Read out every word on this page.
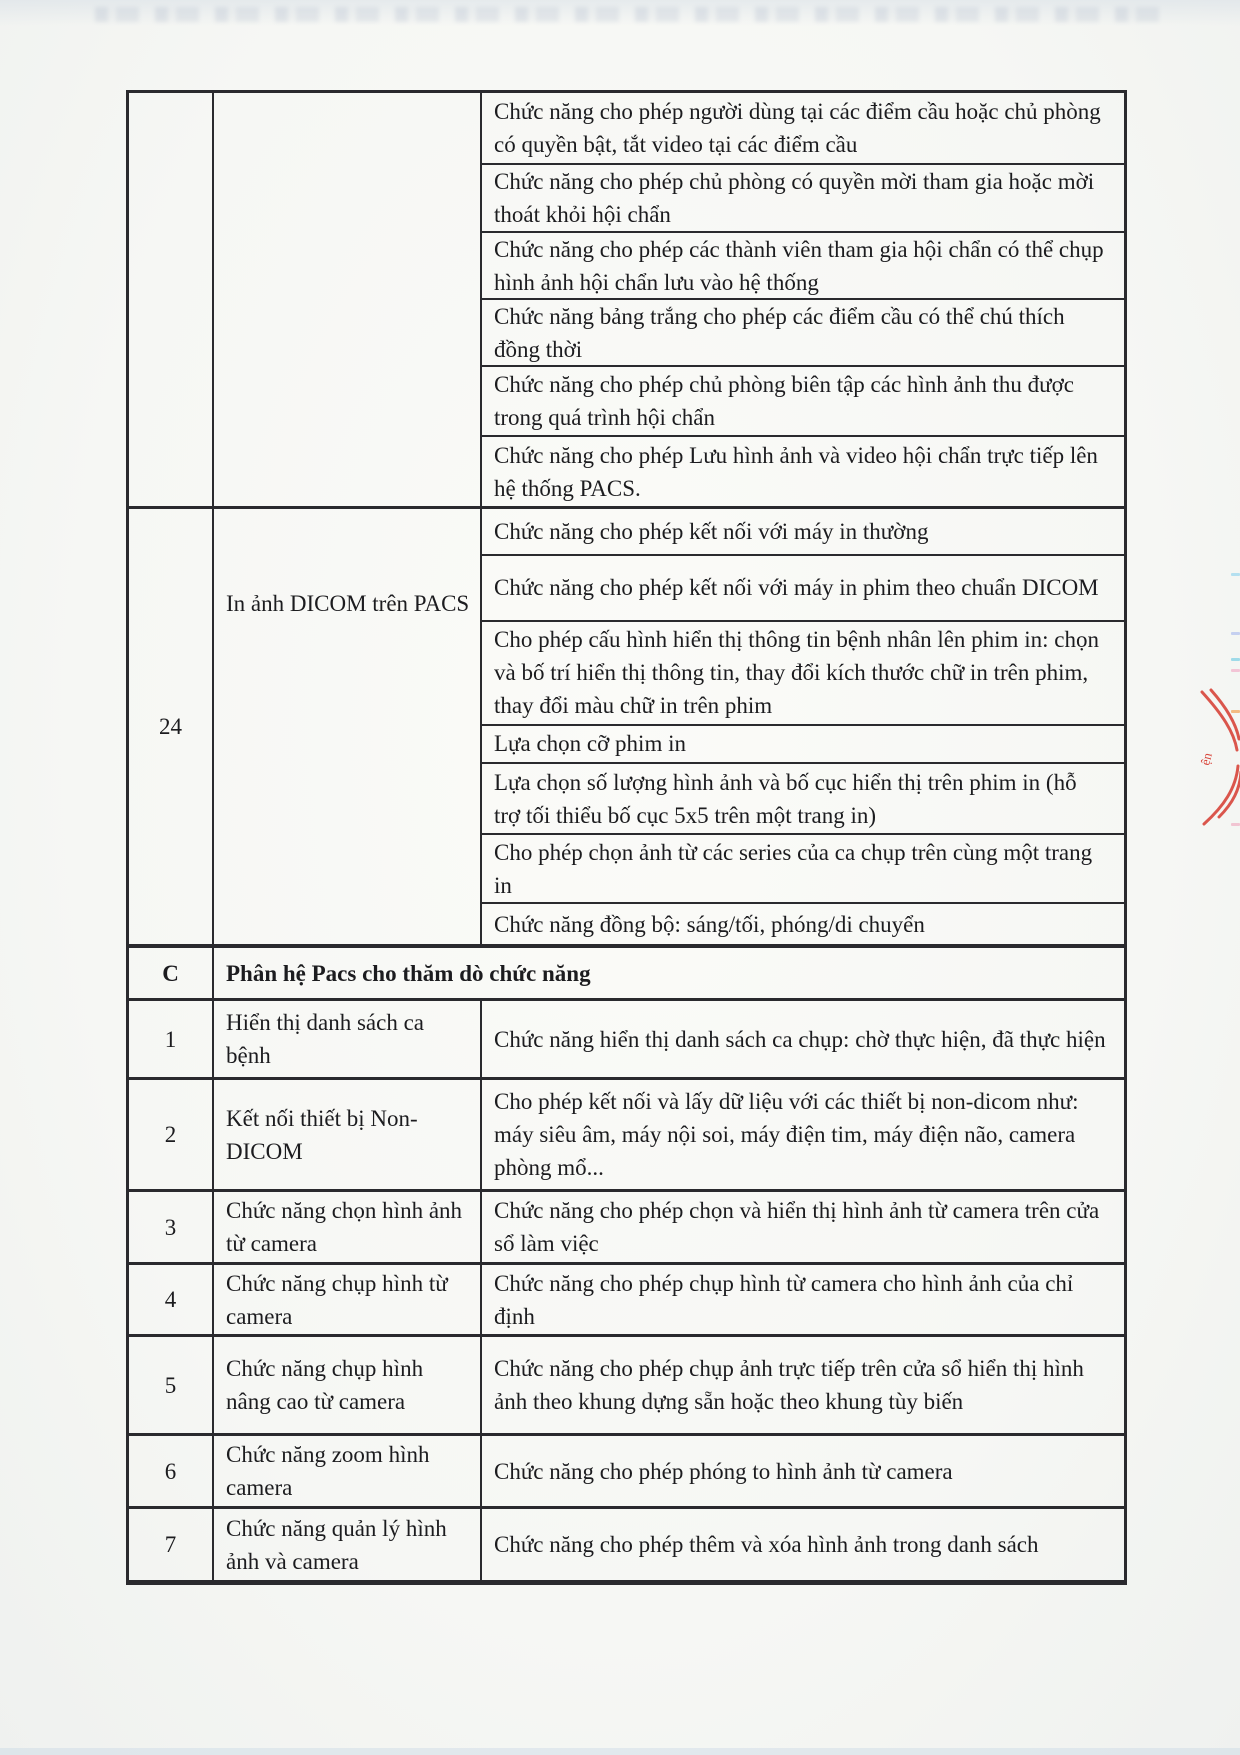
Chức năng cho phép người dùng tại các điểm cầu hoặc chủ phòng có quyền bật, tắt video tại các điểm cầu
Chức năng cho phép chủ phòng có quyền mời tham gia hoặc mời thoát khỏi hội chẩn
Chức năng cho phép các thành viên tham gia hội chẩn có thể chụp hình ảnh hội chẩn lưu vào hệ thống
Chức năng bảng trắng cho phép các điểm cầu có thể chú thích đồng thời
Chức năng cho phép chủ phòng biên tập các hình ảnh thu được trong quá trình hội chẩn
Chức năng cho phép Lưu hình ảnh và video hội chẩn trực tiếp lên hệ thống PACS.
24
In ảnh DICOM trên PACS
Chức năng cho phép kết nối với máy in thường
Chức năng cho phép kết nối với máy in phim theo chuẩn DICOM
Cho phép cấu hình hiển thị thông tin bệnh nhân lên phim in: chọn và bố trí hiển thị thông tin, thay đổi kích thước chữ in trên phim, thay đổi màu chữ in trên phim
Lựa chọn cỡ phim in
Lựa chọn số lượng hình ảnh và bố cục hiển thị trên phim in (hỗ trợ tối thiểu bố cục 5x5 trên một trang in)
Cho phép chọn ảnh từ các series của ca chụp trên cùng một trang in
Chức năng đồng bộ: sáng/tối, phóng/di chuyển
C Phân hệ Pacs cho thăm dò chức năng
1
Hiển thị danh sách ca bệnh
Chức năng hiển thị danh sách ca chụp: chờ thực hiện, đã thực hiện
2
Kết nối thiết bị Non-DICOM
Cho phép kết nối và lấy dữ liệu với các thiết bị non-dicom như: máy siêu âm, máy nội soi, máy điện tim, máy điện não, camera phòng mổ...
3
Chức năng chọn hình ảnh từ camera
Chức năng cho phép chọn và hiển thị hình ảnh từ camera trên cửa sổ làm việc
4
Chức năng chụp hình từ camera
Chức năng cho phép chụp hình từ camera cho hình ảnh của chỉ định
5
Chức năng chụp hình nâng cao từ camera
Chức năng cho phép chụp ảnh trực tiếp trên cửa sổ hiển thị hình ảnh theo khung dựng sẵn hoặc theo khung tùy biến
6
Chức năng zoom hình camera
Chức năng cho phép phóng to hình ảnh từ camera
7
Chức năng quản lý hình ảnh và camera
Chức năng cho phép thêm và xóa hình ảnh trong danh sách
ện
